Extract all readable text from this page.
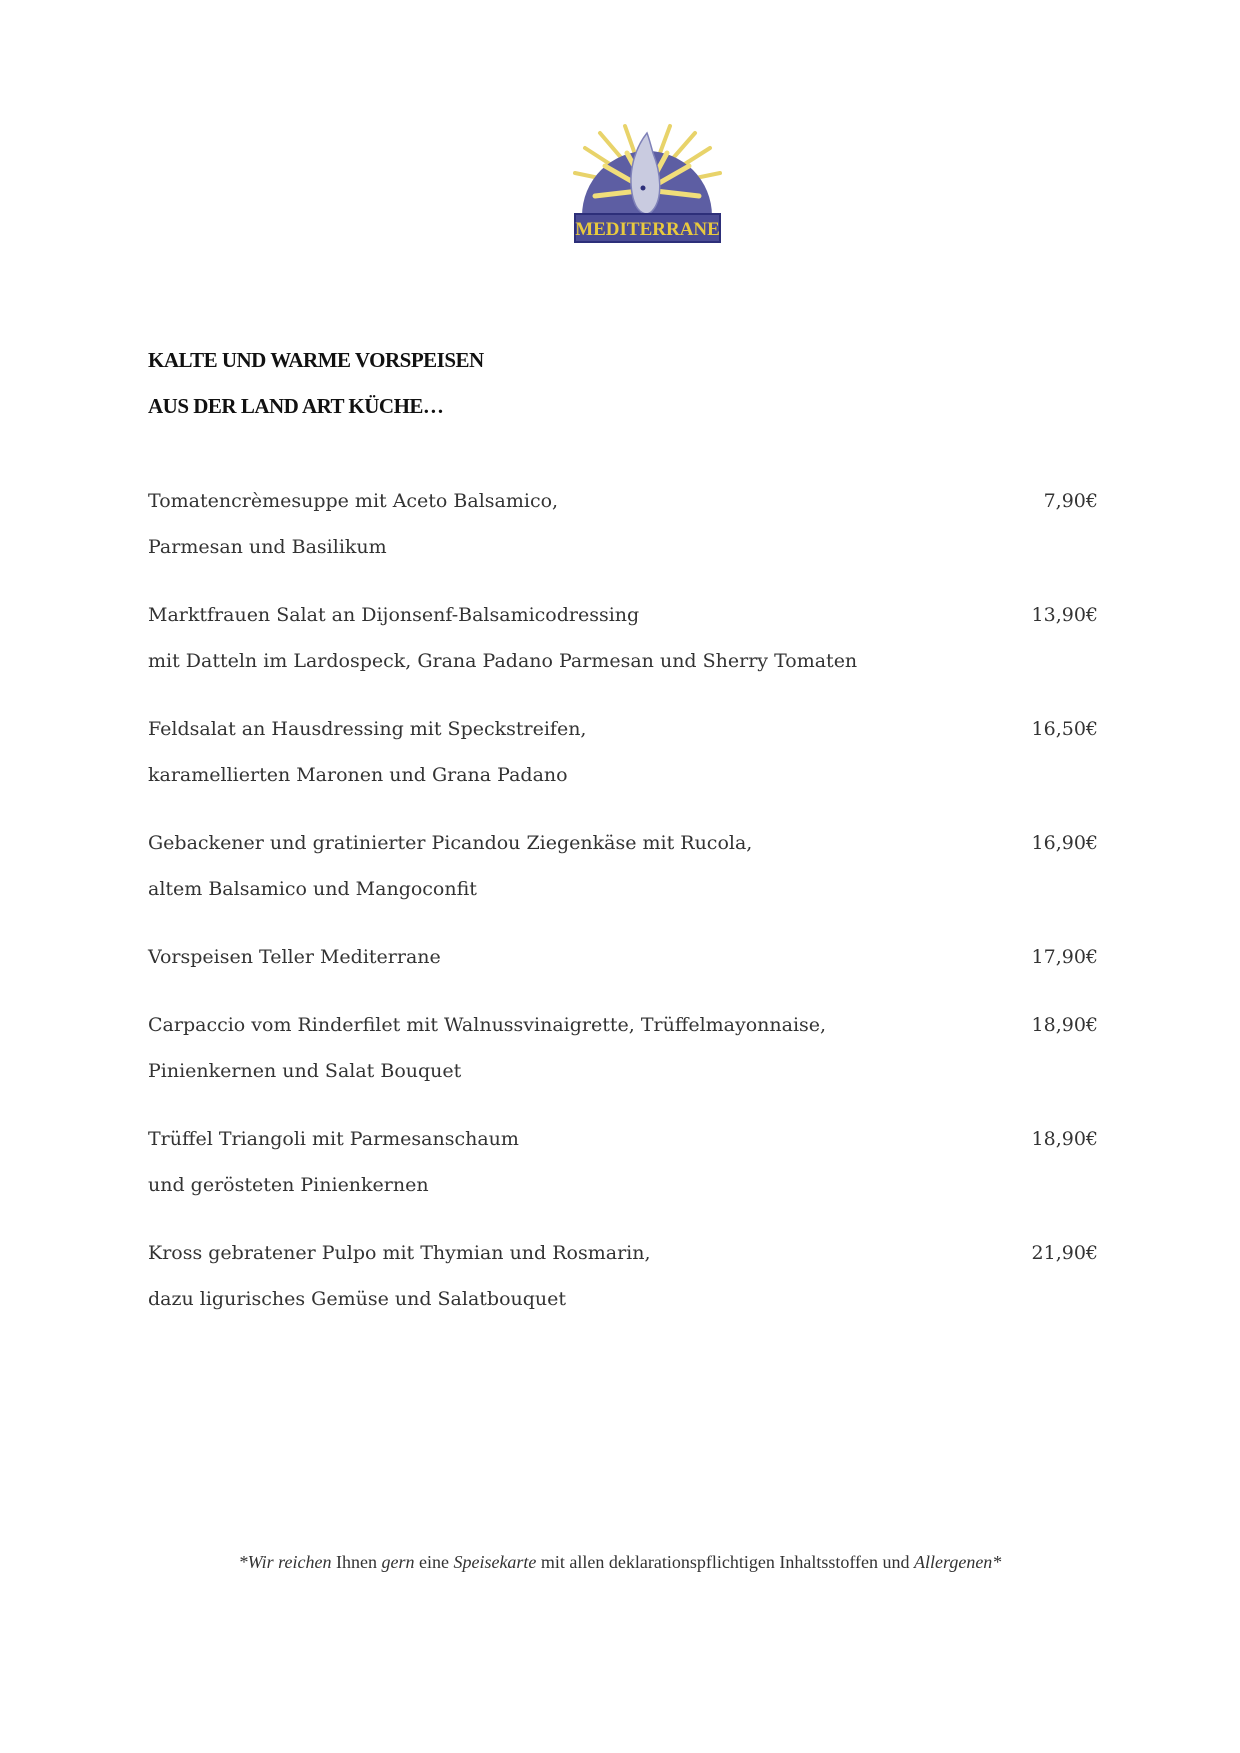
MEDITERRANE

KALTE UND WARME VORSPEISEN

AUS DER LAND ART KÜCHE…

Tomatencrèmesuppe mit Aceto Balsamico,
Parmesan und Basilikum
7,90€
Marktfrauen Salat an Dijonsenf-Balsamicodressing
mit Datteln im Lardospeck, Grana Padano Parmesan und Sherry Tomaten
13,90€
Feldsalat an Hausdressing mit Speckstreifen,
karamellierten Maronen und Grana Padano
16,50€
Gebackener und gratinierter Picandou Ziegenkäse mit Rucola,
altem Balsamico und Mangoconfit
16,90€
Vorspeisen Teller Mediterrane	17,90€
Carpaccio vom Rinderfilet mit Walnussvinaigrette, Trüffelmayonnaise,
Pinienkernen und Salat Bouquet
18,90€
Trüffel Triangoli mit Parmesanschaum
und gerösteten Pinienkernen
18,90€
Kross gebratener Pulpo mit Thymian und Rosmarin,
dazu ligurisches Gemüse und Salatbouquet
21,90€
*Wir reichen Ihnen gern eine Speisekarte mit allen deklarationspflichtigen Inhaltsstoffen und Allergenen*
